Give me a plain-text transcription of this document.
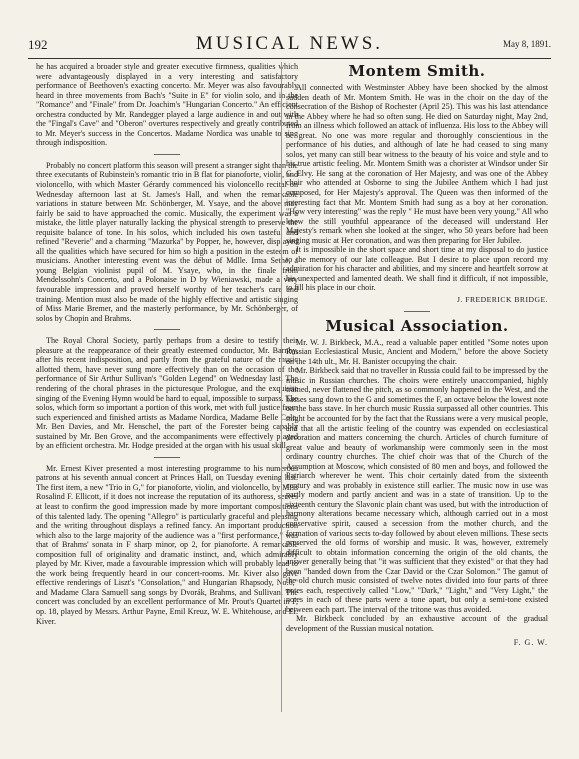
192	MUSICAL NEWS.	May 8, 1891.

he has acquired a broader style and greater executive firmness, qualities which were advantageously displayed in a very interesting and satisfactory performance of Beethoven's exacting concerto. Mr. Meyer was also favourably heard in three movements from Bach's "Suite in E" for violin solo, and in the "Romance" and "Finale" from Dr. Joachim's "Hungarian Concerto." An efficient orchestra conducted by Mr. Randegger played a large audience in and out with the "Fingal's Cave" and "Oberon" overtures respectively and greatly contributed to Mr. Meyer's success in the Concertos. Madame Nordica was unable to sing through indisposition.

Probably no concert platform this season will present a stranger sight than the three executants of Rubinstein's romantic trio in B flat for pianoforte, violin, and violoncello, with which Master Gérardy commenced his violoncello recital on Wednesday afternoon last at St. James's Hall, and when the remarkable variations in stature between Mr. Schönberger, M. Ysaye, and the above may fairly be said to have approached the comic. Musically, the experiment was a mistake, the little player naturally lacking the physical strength to preserve the requisite balance of tone. In his solos, which included his own tasteful and refined "Reverie" and a charming "Mazurka" by Popper, he, however, displayed all the qualities which have secured for him so high a position in the esteem of musicians. Another interesting event was the début of Mdlle. Irma Sethe, a young Belgian violinist pupil of M. Ysaye, who, in the finale from Mendelssohn's Concerto, and a Polonaise in D by Wieniawski, made a very favourable impression and proved herself worthy of her teacher's care and training. Mention must also be made of the highly effective and artistic singing of Miss Marie Bremer, and the masterly performance, by Mr. Schönberger, of solos by Chopin and Brahms.

The Royal Choral Society, partly perhaps from a desire to testify their pleasure at the reappearance of their greatly esteemed conductor, Mr. Barnby, after his recent indisposition, and partly from the grateful nature of the music allotted them, have never sung more effectively than on the occasion of the performance of Sir Arthur Sullivan's "Golden Legend" on Wednesday last. The rendering of the choral phrases in the picturesque Prologue, and the exquisite singing of the Evening Hymn would be hard to equal, impossible to surpass. The solos, which form so important a portion of this work, met with full justice from such experienced and finished artists as Madame Nordica, Madame Belle Cole, Mr. Ben Davies, and Mr. Henschel, the part of the Forester being capably sustained by Mr. Ben Grove, and the accompaniments were effectively played by an efficient orchestra. Mr. Hodge presided at the organ with his usual skill.

Mr. Ernest Kiver presented a most interesting programme to his numerous patrons at his seventh annual concert at Princes Hall, on Tuesday evening last. The first item, a new "Trio in G," for pianoforte, violin, and violoncello, by Miss Rosalind F. Ellicott, if it does not increase the reputation of its authoress, serves at least to confirm the good impression made by more important compositions of this talented lady. The opening "Allegro" is particularly graceful and pleasing and the writing throughout displays a refined fancy. An important production which also to the large majority of the audience was a "first performance," was that of Brahms' sonata in F sharp minor, op 2, for pianoforte. A remarkable composition full of originality and dramatic instinct, and, which admirably played by Mr. Kiver, made a favourable impression which will probably lead to the work being frequently heard in our concert-rooms. Mr. Kiver also gave effective renderings of Liszt's "Consolation," and Hungarian Rhapsody, No.6," and Madame Clara Samuell sang songs by Dvorák, Brahms, and Sullivan. The concert was concluded by an excellent performance of Mr. Prout's Quartet in F, op. 18, played by Messrs. Arthur Payne, Emil Kreuz, W. E. Whitehouse, and Er. Kiver.

Montem Smith.

All connected with Westminster Abbey have been shocked by the almost sudden death of Mr. Montem Smith. He was in the choir on the day of the consecration of the Bishop of Rochester (April 25). This was his last attendance in the Abbey where he had so often sung. He died on Saturday night, May 2nd, from an illness which followed an attack of influenza. His loss to the Abbey will be great. No one was more regular and thoroughly conscientious in the performance of his duties, and although of late he had ceased to sing many solos, yet many can still bear witness to the beauty of his voice and style and to his true artistic feeling. Mr. Montem Smith was a chorister at Windsor under Sir G. Elvy. He sang at the coronation of Her Majesty, and was one of the Abbey choir who attended at Osborne to sing the Jubilee Anthem which I had just composed, for Her Majesty's approval. The Queen was then informed of the interesting fact that Mr. Montem Smith had sung as a boy at her coronation. "How very interesting" was the reply " He must have been very young." All who knew the still youthful appearance of the deceased will understand Her Majesty's remark when she looked at the singer, who 50 years before had been singing music at Her coronation, and was then preparing for Her Jubilee.

It is impossible in the short space and short time at my disposal to do justice to the memory of our late colleague. But I desire to place upon record my admiration for his character and abilities, and my sincere and heartfelt sorrow at his unexpected and lamented death. We shall find it difficult, if not impossible, to fill his place in our choir.

J. FREDERICK BRIDGE.
Musical Association.

Mr. W. J. Birkbeck, M.A., read a valuable paper entitled "Some notes upon Russian Ecclesiastical Music, Ancient and Modern," before the above Society on the 14th ult., Mr. H. Banister occupying the chair.

Mr. Birkbeck said that no traveller in Russia could fail to be impressed by the music in Russian churches. The choirs were entirely unaccompanied, highly trained, never flattened the pitch, as so commonly happened in the West, and the basses sang down to the G and sometimes the F, an octave below the lowest note on the bass stave. In her church music Russia surpassed all other countries. This might be accounted for by the fact that the Russians were a very musical people, and that all the artistic feeling of the country was expended on ecclesiastical decoration and matters concerning the church. Articles of church furniture of great value and beauty of workmanship were commonly seen in the most ordinary country churches. The chief choir was that of the Church of the Assumption at Moscow, which consisted of 80 men and boys, and followed the Patriarch wherever he went. This choir certainly dated from the sixteenth century and was probably in existence still earlier. The music now in use was partly modern and partly ancient and was in a state of transition. Up to the sixteenth century the Slavonic plain chant was used, but with the introduction of harmony alterations became necessary which, although carried out in a most conservative spirit, caused a secession from the mother church, and the formation of various sects to-day followed by about eleven millions. These sects preserved the old forms of worship and music. It was, however, extremely difficult to obtain information concerning the origin of the old chants, the answer generally being that "it was sufficient that they existed" or that they had been "handed down from the Czar David or the Czar Solomon." The gamut of the old church music consisted of twelve notes divided into four parts of three notes each, respectively called "Low," "Dark," "Light," and "Very Light," the notes in each of these parts were a tone apart, but only a semi-tone existed between each part. The interval of the tritone was thus avoided.

Mr. Birkbeck concluded by an exhaustive account of the gradual development of the Russian musical notation.

F. G. W.
